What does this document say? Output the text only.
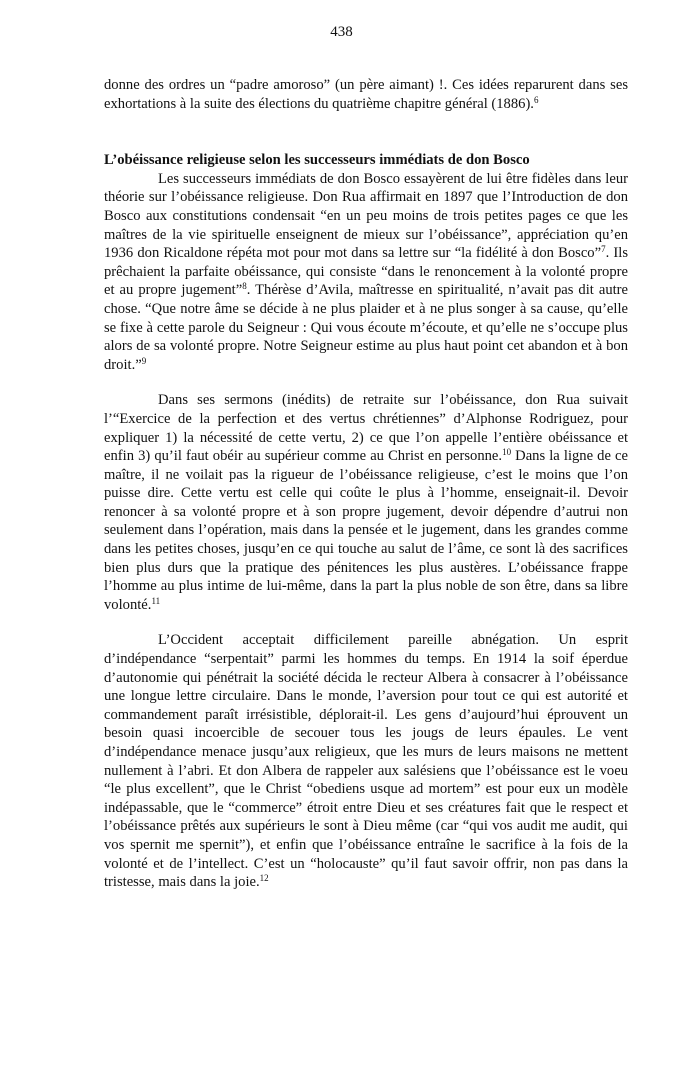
438

donne des ordres un “padre amoroso” (un père aimant) !. Ces idées reparurent dans ses exhortations à la suite des élections du quatrième chapitre général (1886).$^6$

L’obéissance religieuse selon les successeurs immédiats de don Bosco

Les successeurs immédiats de don Bosco essayèrent de lui être fidèles dans leur théorie sur l’obéissance religieuse. Don Rua affirmait en 1897 que l’Introduction de don Bosco aux constitutions condensait “en un peu moins de trois petites pages ce que les maîtres de la vie spirituelle enseignent de mieux sur l’obéissance”, appréciation qu’en 1936 don Ricaldone répéta mot pour mot dans sa lettre sur “la fidélité à don Bosco”$^7$. Ils prêchaient la parfaite obéissance, qui consiste “dans le renoncement à la volonté propre et au propre jugement”$^8$. Thérèse d’Avila, maîtresse en spiritualité, n’avait pas dit autre chose. “Que notre âme se décide à ne plus plaider et à ne plus songer à sa cause, qu’elle se fixe à cette parole du Seigneur : Qui vous écoute m’écoute, et qu’elle ne s’occupe plus alors de sa volonté propre. Notre Seigneur estime au plus haut point cet abandon et à bon droit.”$^9$

Dans ses sermons (inédits) de retraite sur l’obéissance, don Rua suivait l’“Exercice de la perfection et des vertus chrétiennes” d’Alphonse Rodriguez, pour expliquer 1) la nécessité de cette vertu, 2) ce que l’on appelle l’entière obéissance et enfin 3) qu’il faut obéir au supérieur comme au Christ en personne.$^{10}$ Dans la ligne de ce maître, il ne voilait pas la rigueur de l’obéissance religieuse, c’est le moins que l’on puisse dire. Cette vertu est celle qui coûte le plus à l’homme, enseignait-il. Devoir renoncer à sa volonté propre et à son propre jugement, devoir dépendre d’autrui non seulement dans l’opération, mais dans la pensée et le jugement, dans les grandes comme dans les petites choses, jusqu’en ce qui touche au salut de l’âme, ce sont là des sacrifices bien plus durs que la pratique des pénitences les plus austères. L’obéissance frappe l’homme au plus intime de lui-même, dans la part la plus noble de son être, dans sa libre volonté.$^{11}$

L’Occident acceptait difficilement pareille abnégation. Un esprit d’indépendance “serpentait” parmi les hommes du temps. En 1914 la soif éperdue d’autonomie qui pénétrait la société décida le recteur Albera à consacrer à l’obéissance une longue lettre circulaire. Dans le monde, l’aversion pour tout ce qui est autorité et commandement paraît irrésistible, déplorait-il. Les gens d’aujourd’hui éprouvent un besoin quasi incoercible de secouer tous les jougs de leurs épaules. Le vent d’indépendance menace jusqu’aux religieux, que les murs de leurs maisons ne mettent nullement à l’abri. Et don Albera de rappeler aux salésiens que l’obéissance est le voeu “le plus excellent”, que le Christ “obediens usque ad mortem” est pour eux un modèle indépassable, que le “commerce” étroit entre Dieu et ses créatures fait que le respect et l’obéissance prêtés aux supérieurs le sont à Dieu même (car “qui vos audit me audit, qui vos spernit me spernit”), et enfin que l’obéissance entraîne le sacrifice à la fois de la volonté et de l’intellect. C’est un “holocauste” qu’il faut savoir offrir, non pas dans la tristesse, mais dans la joie.$^{12}$
